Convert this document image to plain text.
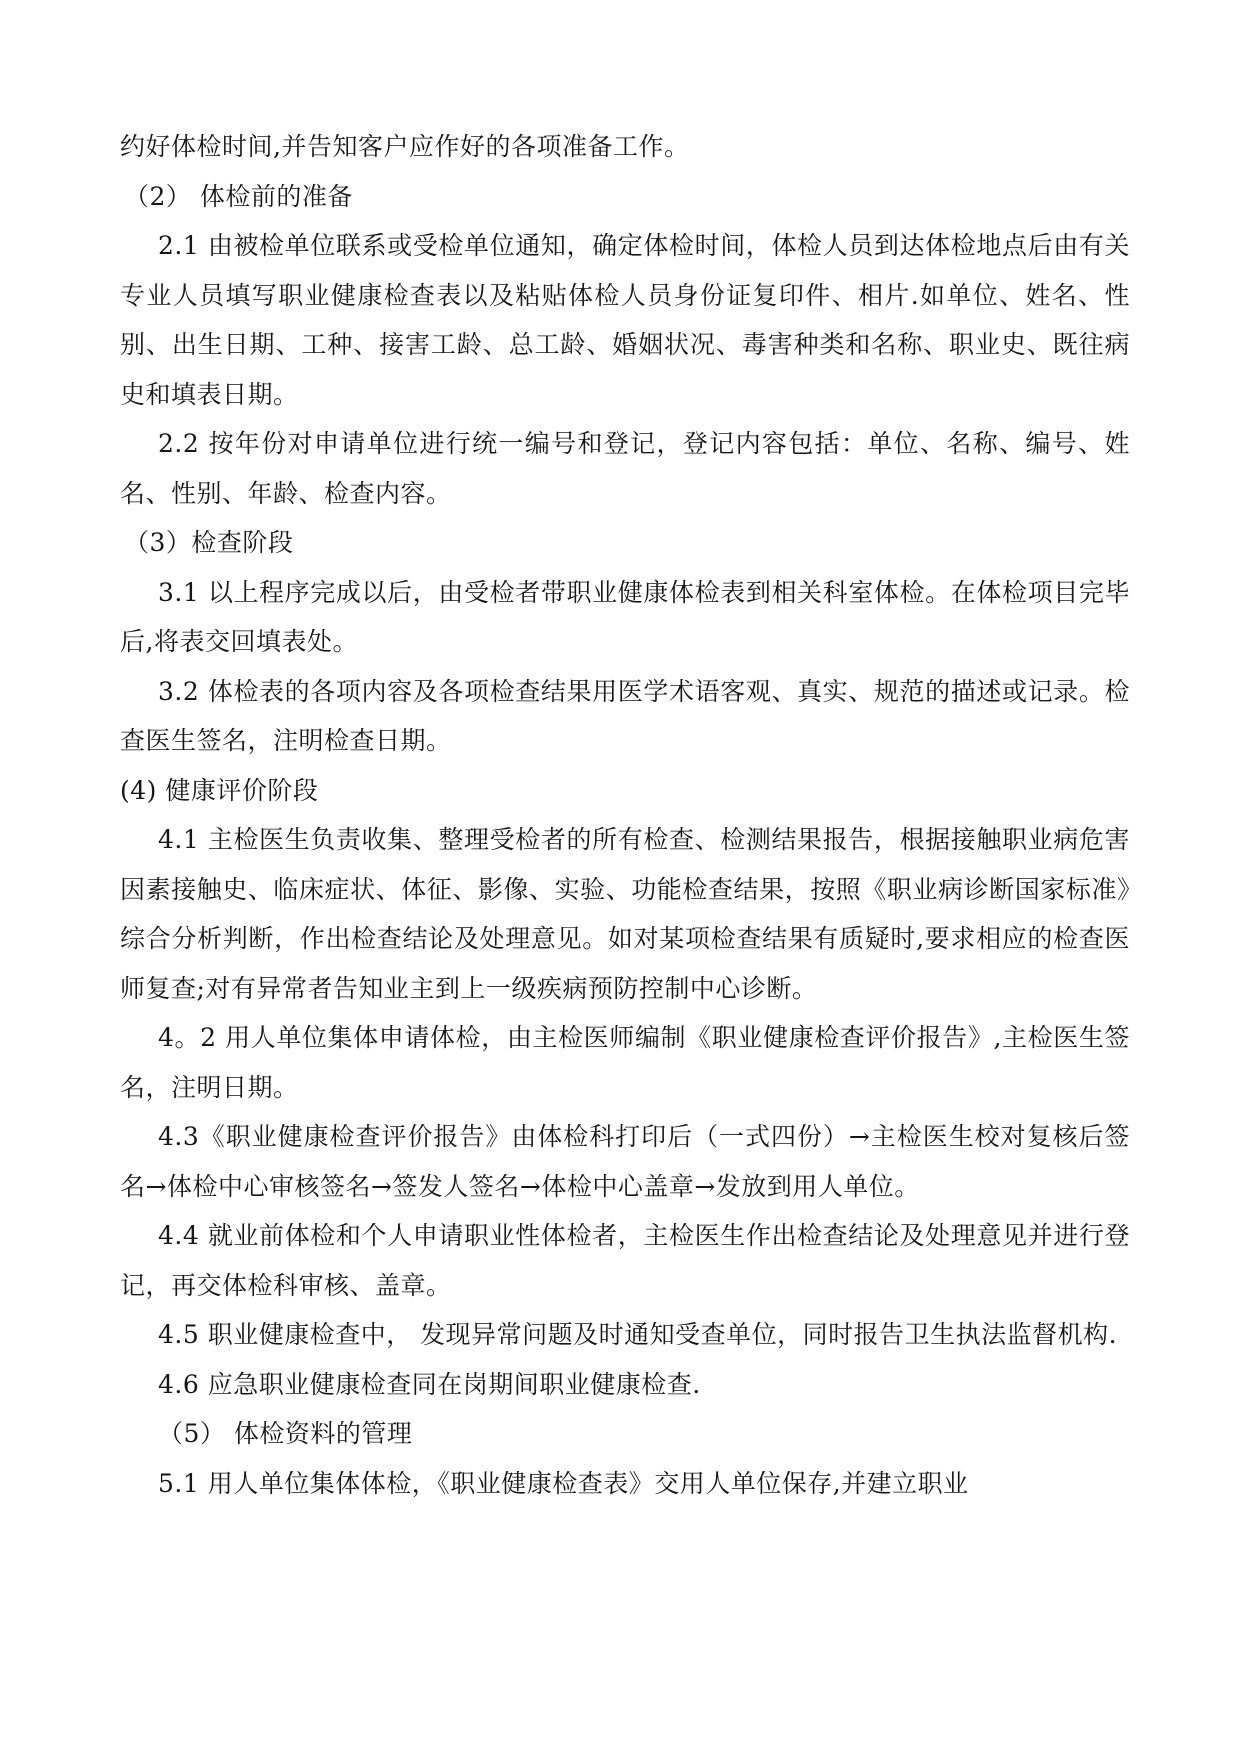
约好体检时间,并告知客户应作好的各项准备工作。
（2） 体检前的准备
2.1 由被检单位联系或受检单位通知，确定体检时间，体检人员到达体检地点后由有关专业人员填写职业健康检查表以及粘贴体检人员身份证复印件、相片.如单位、姓名、性别、出生日期、工种、接害工龄、总工龄、婚姻状况、毒害种类和名称、职业史、既往病史和填表日期。
2.2 按年份对申请单位进行统一编号和登记，登记内容包括：单位、名称、编号、姓名、性别、年龄、检查内容。
（3）检查阶段
3.1 以上程序完成以后，由受检者带职业健康体检表到相关科室体检。在体检项目完毕后,将表交回填表处。
3.2 体检表的各项内容及各项检查结果用医学术语客观、真实、规范的描述或记录。检查医生签名，注明检查日期。
(4) 健康评价阶段
4.1 主检医生负责收集、整理受检者的所有检查、检测结果报告，根据接触职业病危害因素接触史、临床症状、体征、影像、实验、功能检查结果，按照《职业病诊断国家标准》综合分析判断，作出检查结论及处理意见。如对某项检查结果有质疑时,要求相应的检查医师复查;对有异常者告知业主到上一级疾病预防控制中心诊断。
4。2 用人单位集体申请体检，由主检医师编制《职业健康检查评价报告》,主检医生签名，注明日期。
4.3《职业健康检查评价报告》由体检科打印后（一式四份）→主检医生校对复核后签名→体检中心审核签名→签发人签名→体检中心盖章→发放到用人单位。
4.4 就业前体检和个人申请职业性体检者，主检医生作出检查结论及处理意见并进行登记，再交体检科审核、盖章。
4.5 职业健康检查中， 发现异常问题及时通知受查单位，同时报告卫生执法监督机构.
4.6 应急职业健康检查同在岗期间职业健康检查.
（5） 体检资料的管理
5.1 用人单位集体体检，《职业健康检查表》交用人单位保存,并建立职业
